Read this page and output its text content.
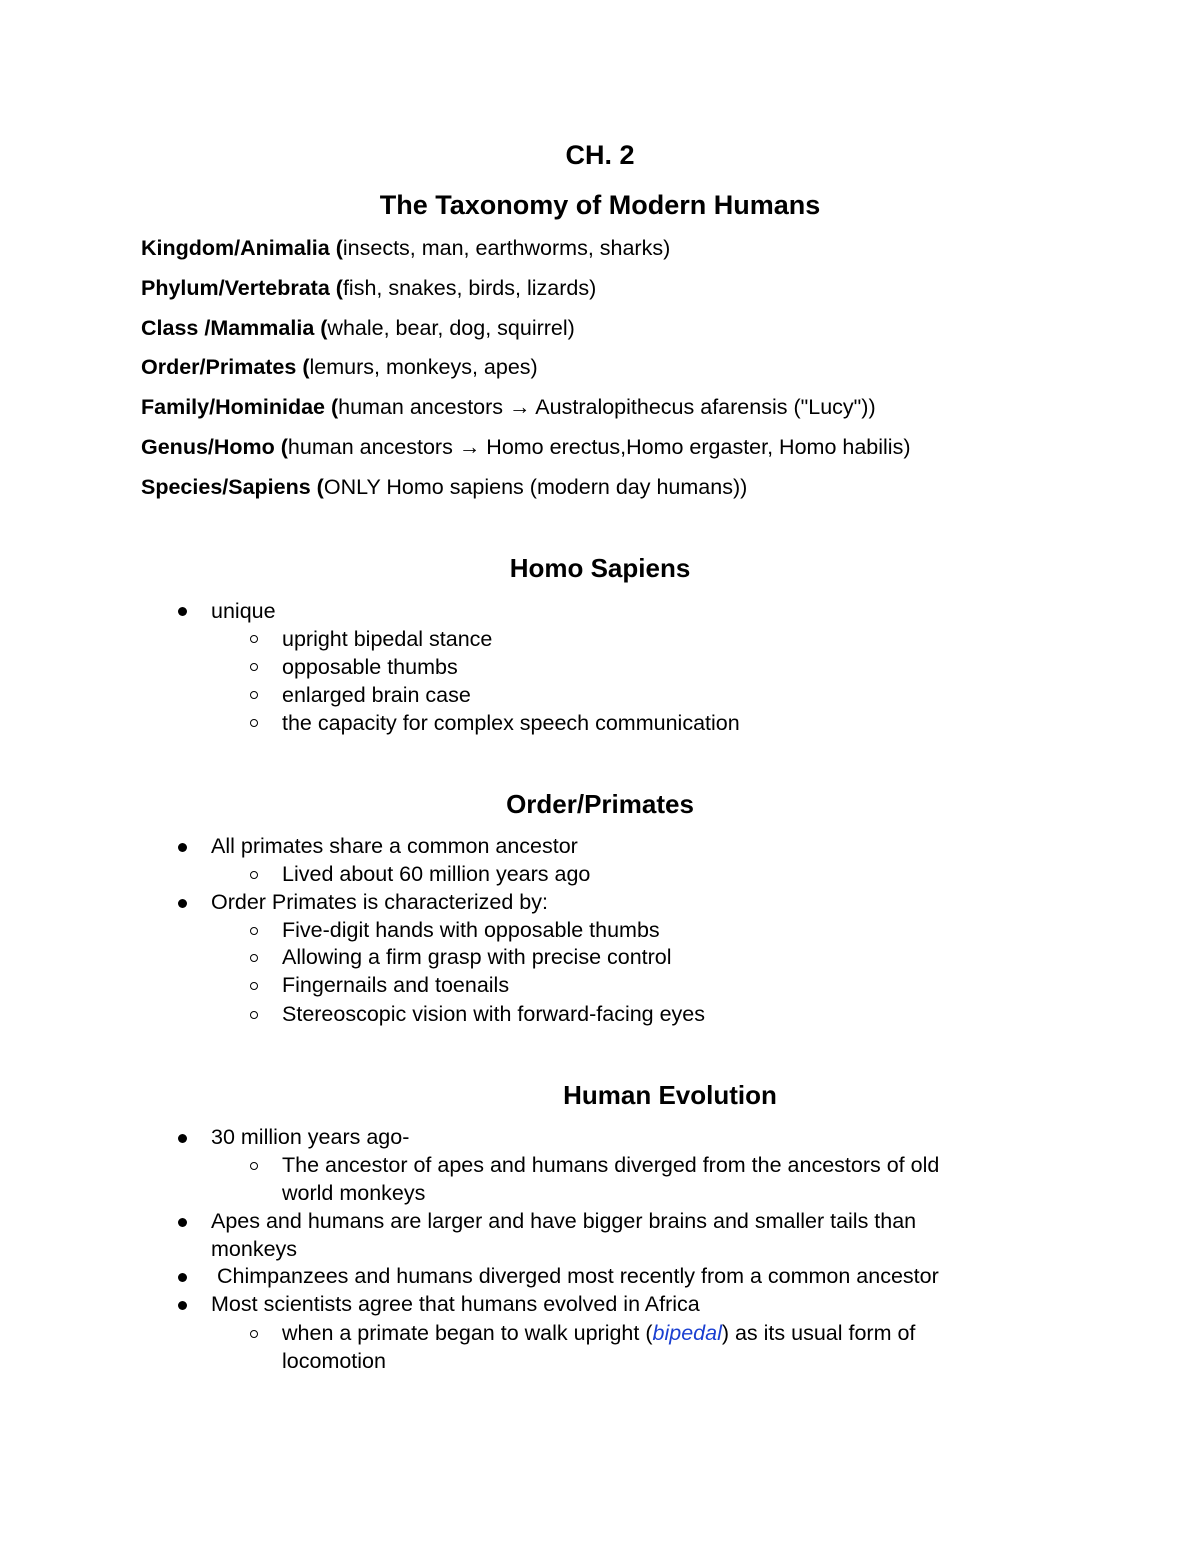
CH. 2
The Taxonomy of Modern Humans
Kingdom/Animalia (insects, man, earthworms, sharks)
Phylum/Vertebrata (fish, snakes, birds, lizards)
Class /Mammalia (whale, bear, dog, squirrel)
Order/Primates (lemurs, monkeys, apes)
Family/Hominidae (human ancestors → Australopithecus afarensis ("Lucy"))
Genus/Homo (human ancestors → Homo erectus,Homo ergaster, Homo habilis)
Species/Sapiens (ONLY Homo sapiens (modern day humans))
Homo Sapiens
unique
upright bipedal stance
opposable thumbs
enlarged brain case
the capacity for complex speech communication
Order/Primates
All primates share a common ancestor
Lived about 60 million years ago
Order Primates is characterized by:
Five-digit hands with opposable thumbs
Allowing a firm grasp with precise control
Fingernails and toenails
Stereoscopic vision with forward-facing eyes
Human Evolution
30 million years ago-
The ancestor of apes and humans diverged from the ancestors of old
world monkeys
Apes and humans are larger and have bigger brains and smaller tails than
monkeys
Chimpanzees and humans diverged most recently from a common ancestor
Most scientists agree that humans evolved in Africa
when a primate began to walk upright (bipedal) as its usual form of
locomotion
